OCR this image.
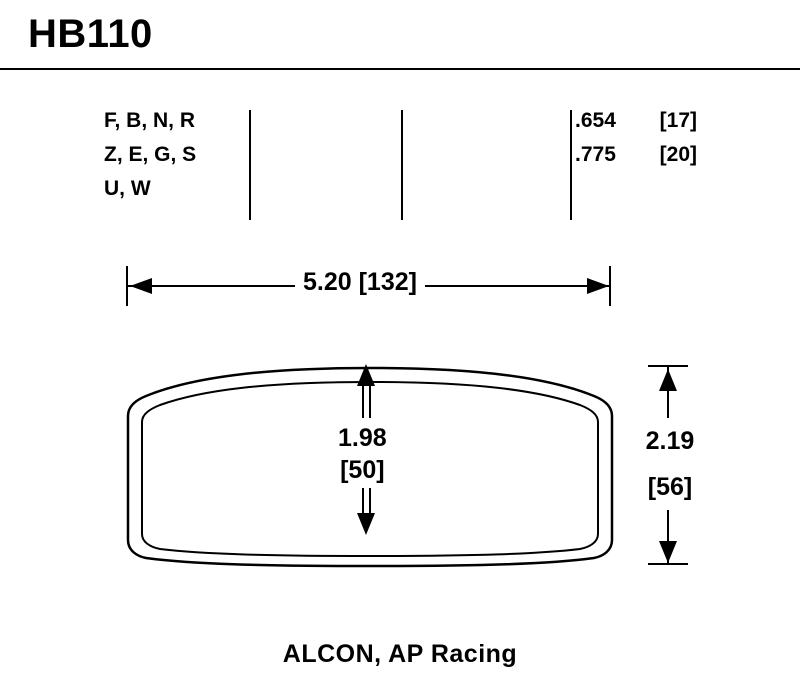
HB110
F, B, N, R
Z, E, G, S
U, W
.654 [17]
.775 [20]
5.20 [132]
1.98
[50]
2.19
[56]
ALCON, AP Racing
